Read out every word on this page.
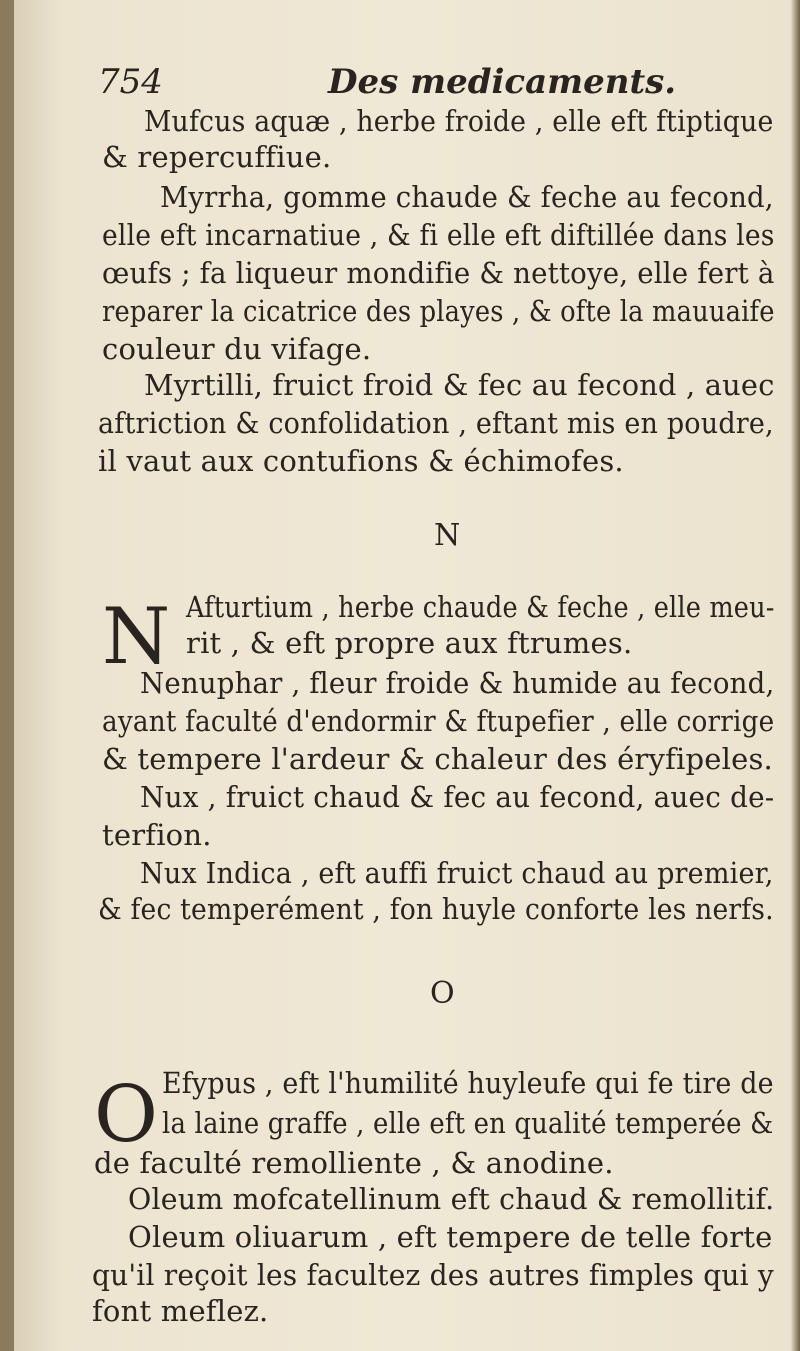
754	Des medicaments.
Mufcus aquæ , herbe froide , elle eft ftiptique
& repercuffiue.
Myrrha, gomme chaude & feche au fecond,
elle eft incarnatiue , & fi elle eft diftillée dans les
œufs ; fa liqueur mondifie & nettoye, elle fert à
reparer la cicatrice des playes , & ofte la mauuaife
couleur du vifage.
Myrtilli, fruict froid & fec au fecond , auec
aftriction & confolidation , eftant mis en poudre,
il vaut aux contufions & échimofes.
N
N Afturtium , herbe chaude & feche , elle meu-
rit , & eft propre aux ftrumes.
Nenuphar , fleur froide & humide au fecond,
ayant faculté d'endormir & ftupefier , elle corrige
& tempere l'ardeur & chaleur des éryfipeles.
Nux , fruict chaud & fec au fecond, auec de-
terfion.
Nux Indica , eft auffi fruict chaud au premier,
& fec temperément , fon huyle conforte les nerfs.
O
O Efypus , eft l'humilité huyleufe qui fe tire de
la laine graffe , elle eft en qualité temperée &
de faculté remolliente , & anodine.
Oleum mofcatellinum eft chaud & remollitif.
Oleum oliuarum , eft tempere de telle forte
qu'il reçoit les facultez des autres fimples qui y
font meflez.
